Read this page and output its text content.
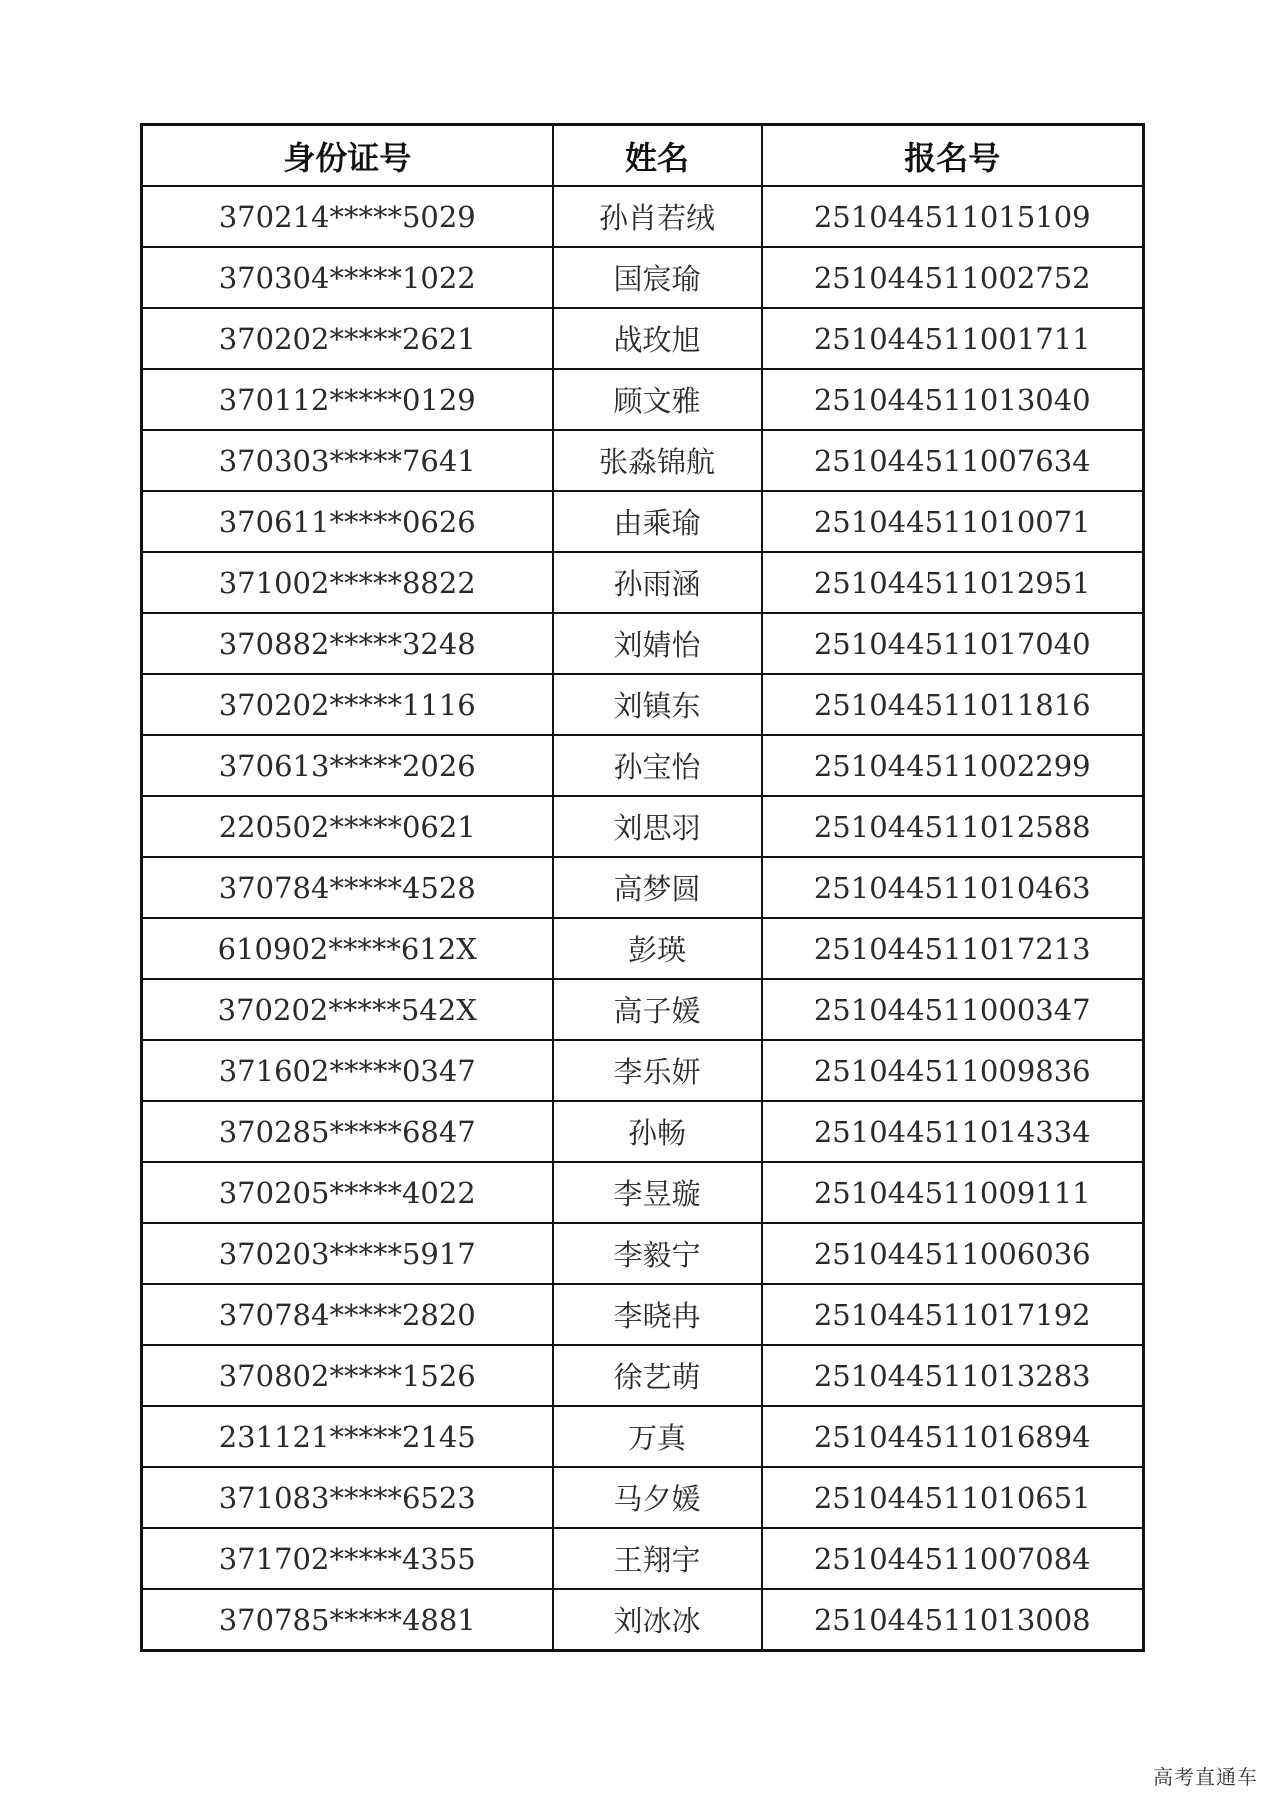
身份证号	姓名	报名号
370214*****5029	孙肖若绒	251044511015109
370304*****1022	国宸瑜	251044511002752
370202*****2621	战玫旭	251044511001711
370112*****0129	顾文雅	251044511013040
370303*****7641	张淼锦航	251044511007634
370611*****0626	由乘瑜	251044511010071
371002*****8822	孙雨涵	251044511012951
370882*****3248	刘婧怡	251044511017040
370202*****1116	刘镇东	251044511011816
370613*****2026	孙宝怡	251044511002299
220502*****0621	刘思羽	251044511012588
370784*****4528	高梦圆	251044511010463
610902*****612X	彭瑛	251044511017213
370202*****542X	高子媛	251044511000347
371602*****0347	李乐妍	251044511009836
370285*****6847	孙畅	251044511014334
370205*****4022	李昱璇	251044511009111
370203*****5917	李毅宁	251044511006036
370784*****2820	李晓冉	251044511017192
370802*****1526	徐艺萌	251044511013283
231121*****2145	万真	251044511016894
371083*****6523	马夕媛	251044511010651
371702*****4355	王翔宇	251044511007084
370785*****4881	刘冰冰	251044511013008
高考直通车
